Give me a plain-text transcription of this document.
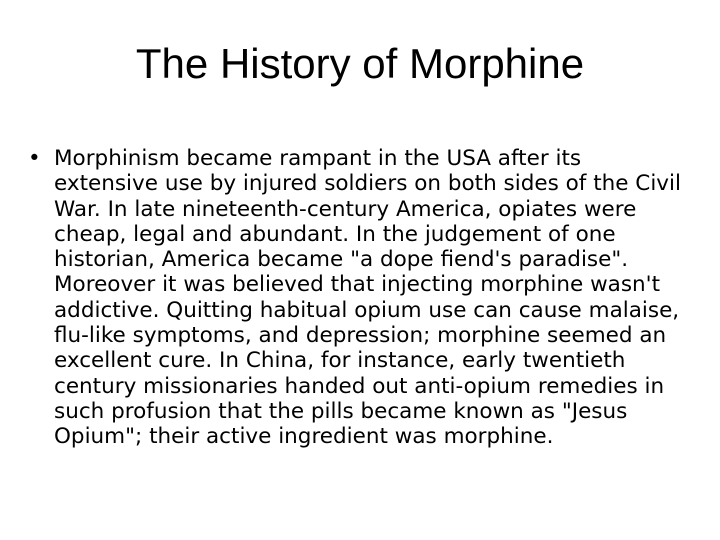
The History of Morphine
• Morphinism became rampant in the USA after its extensive use by injured soldiers on both sides of the Civil War. In late nineteenth-century America, opiates were cheap, legal and abundant. In the judgement of one historian, America became "a dope fiend's paradise". Moreover it was believed that injecting morphine wasn't addictive. Quitting habitual opium use can cause malaise, flu-like symptoms, and depression; morphine seemed an excellent cure. In China, for instance, early twentieth century missionaries handed out anti-opium remedies in such profusion that the pills became known as "Jesus Opium"; their active ingredient was morphine.
